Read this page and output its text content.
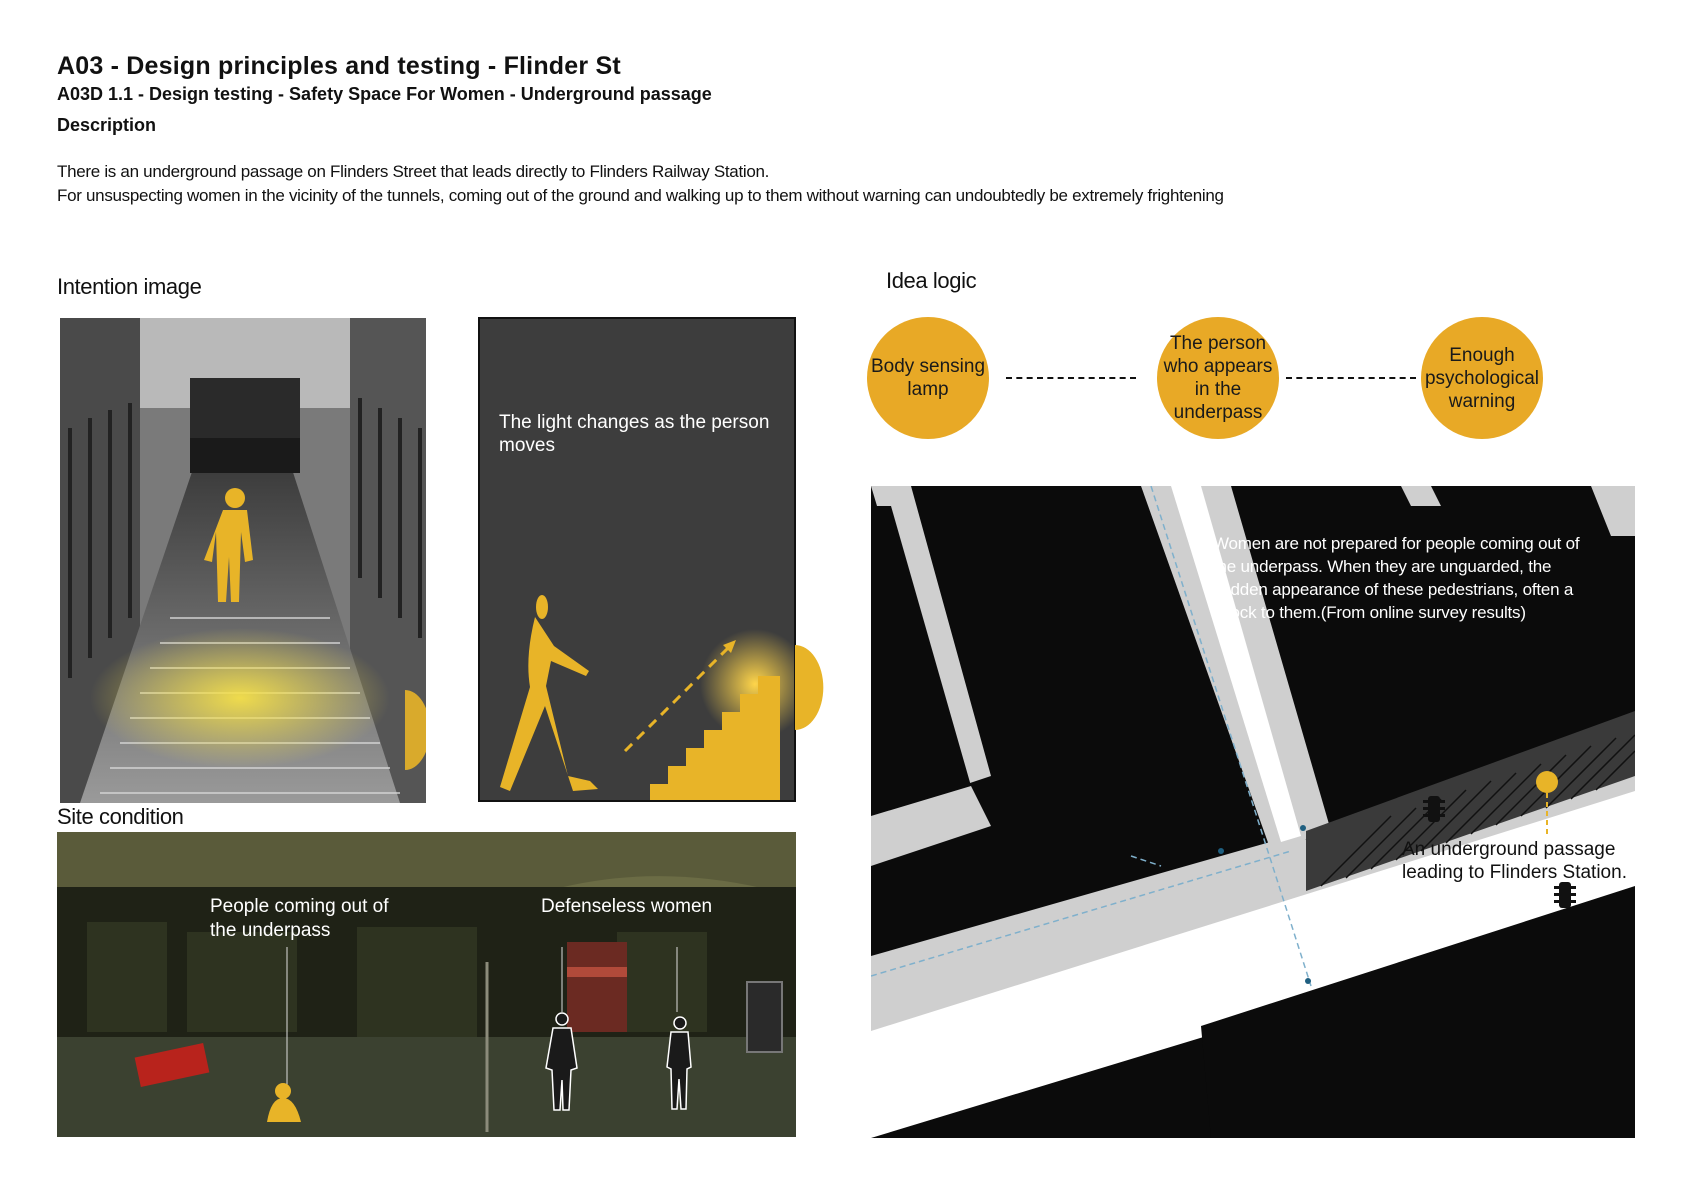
A03 - Design principles and testing - Flinder St
A03D 1.1 - Design testing - Safety Space For Women - Underground passage
Description
There is an underground passage on Flinders Street that leads directly to Flinders Railway Station.
For unsuspecting women in the vicinity of the tunnels, coming out of the ground and walking up to them without warning can undoubtedly be extremely frightening
Intention image	Idea logic
Site condition
The light changes as the person moves
People coming out of the underpass
Defenseless women
Body sensing lamp
The person who appears in the underpass
Enough psychological warning
Women are not prepared for people coming out of the underpass. When they are unguarded, the sudden appearance of these pedestrians, often a shock to them.(From online survey results)
An underground passage leading to Flinders Station.
